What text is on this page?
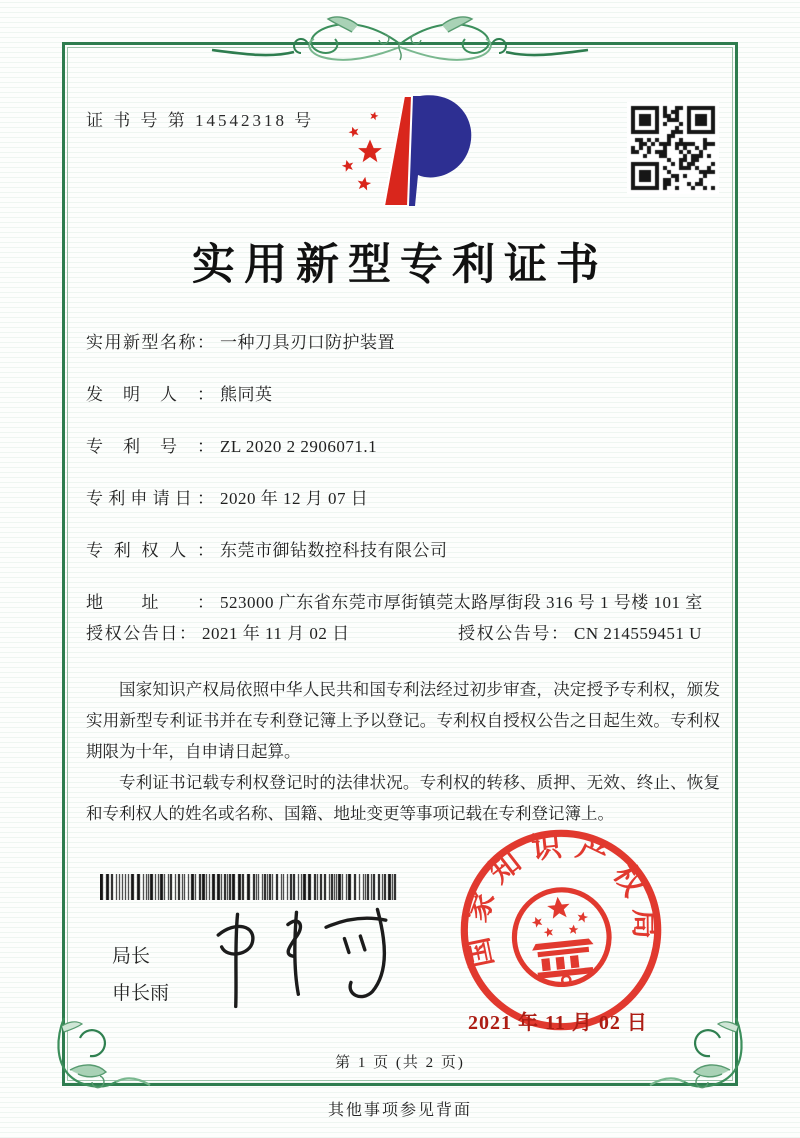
证 书 号 第 14542318 号
实用新型专利证书
实用新型名称： 一种刀具刃口防护装置
发明人： 熊同英
专利号： ZL 2020 2 2906071.1
专利申请日： 2020 年 12 月 07 日
专利权人： 东莞市御钻数控科技有限公司
地址： 523000 广东省东莞市厚街镇莞太路厚街段 316 号 1 号楼 101 室
授权公告日： 2021 年 11 月 02 日	授权公告号： CN 214559451 U

国家知识产权局依照中华人民共和国专利法经过初步审查，决定授予专利权，颁发实用新型专利证书并在专利登记簿上予以登记。专利权自授权公告之日起生效。专利权期限为十年，自申请日起算。

专利证书记载专利权登记时的法律状况。专利权的转移、质押、无效、终止、恢复和专利权人的姓名或名称、国籍、地址变更等事项记载在专利登记簿上。

局长
申长雨
国家知识产权局
2021 年 11 月 02 日
第 1 页 (共 2 页)
其他事项参见背面
